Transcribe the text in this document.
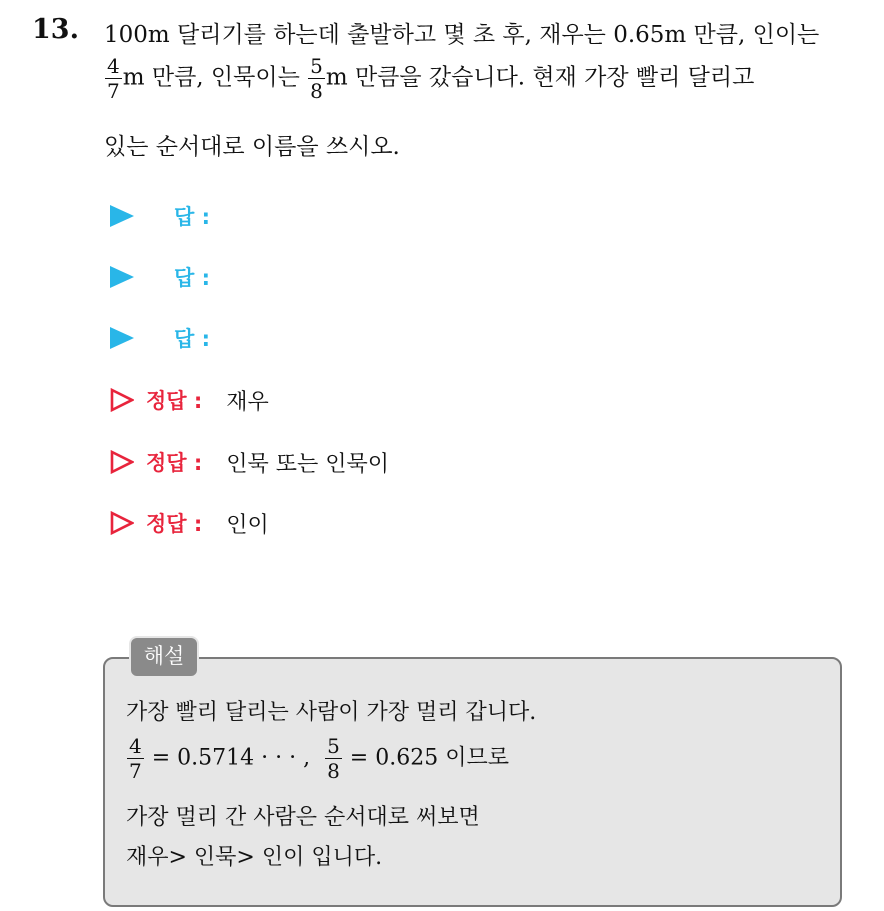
13. 100m 달리기를 하는데 출발하고 몇 초 후, 재우는 0.65m 만큼, 인이는
$\frac{4}{7}$ m 만큼, 인묵이는 $\frac{5}{8}$ m 만큼을 갔습니다. 현재 가장 빨리 달리고
있는 순서대로 이름을 쓰시오.
답 :
답 :
답 :
정답 : 재우
정답 : 인묵 또는 인묵이
정답 : 인이
해설
가장 빨리 달리는 사람이 가장 멀리 갑니다.
$\frac{4}{7} = 0.5714$ · · · , $\frac{5}{8} = 0.625$ 이므로
가장 멀리 간 사람은 순서대로 써보면
재우> 인묵> 인이 입니다.
